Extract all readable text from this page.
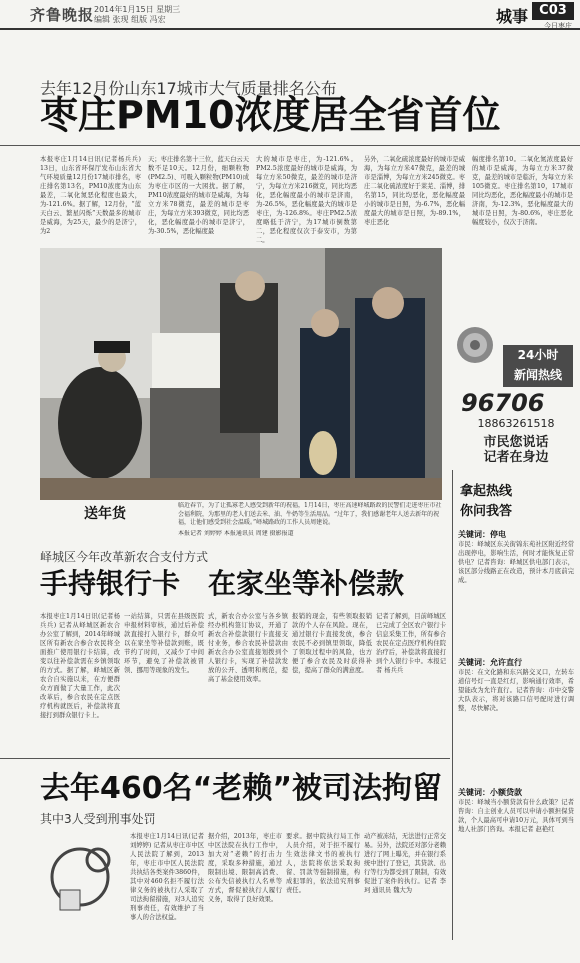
齐鲁晚报 2014年1月15日 星期三
编辑 张现 组版 冯宏	城事 C03
今日枣庄
去年12月份山东17城市大气质量排名公布
枣庄PM10浓度居全省首位
本报枣庄1月14日讯(记者杨兵兵) 13日，山东省环保厅发布山东省大气环境质量12月份17城市排名，枣庄排名第13名，PM10浓度为山东最差，二氧化氮恶化程度也最大，为-121.6%。据了解，12月份，“蓝天白云、繁星闪烁”天数最多的城市是威海，为25天，最少的是济宁，为2
天；枣庄排名第十三位，蓝天白云天数不足10天。12月份，细颗粒物(PM2.5)、可吸入颗粒物(PM10)成为枣庄市区的一大困扰。据了解，PM10浓度最好的城市是威海，为每立方米78微克，最差的城市是枣庄，为每立方米393微克，同比均恶化，恶化幅度最小的城市是济宁，为-30.5%，恶化幅度最
大的城市是枣庄，为-121.6%。PM2.5浓度最好的城市是威海，为每立方米50微克，最差的城市是济宁，为每立方米216微克，同比均恶化，恶化幅度最小的城市是济南，为-26.5%，恶化幅度最大的城市是枣庄，为-126.8%。枣庄PM2.5浓度略低于济宁，为17城市倒数第二，恶化程度仅次于泰安市，为第二。
另外，二氧化硫浓度最好的城市是威海，为每立方米47微克，最差的城市是淄博，为每立方米245微克。枣庄二氧化硫浓度好于莱芜、淄博，排名第15，同比均恶化，恶化幅度最小的城市是日照，为-6.7%，恶化幅度最大的城市是日照，为-89.1%，枣庄恶化
幅度排名第10。二氧化氮浓度最好的城市是威海，为每立方米37微克，最差的城市是临沂，为每立方米105微克。枣庄排名第10，17城市同比均恶化，恶化幅度最小的城市是济南，为-12.3%，恶化幅度最大的城市是日照，为-80.6%，枣庄恶化幅度较小，仅次于济南。
送年货
临近春节，为了让孤寡老人感受到新年的祝福，1月14日，枣庄高速峄城路政的民警们走进枣庄市社会福利院，为那里的老人们送去米、油、牛奶等生活用品。“过年了，我们感谢老年人送去新年的祝福，让他们感受到社会温暖。”峄城路政的工作人员周建说。
本报记者 刘婷婷 本报通讯员 周建 摄影报道
24小时
新闻热线
96706
18863261518
市民您说话
记者在身边
拿起热线
你问我答
关键词：停电
市民：峄城区东关街锦东苑社区附近经常出现停电，影响生活，何时才能恢复正常供电？记者咨询：峄城区供电部门表示，该区部分线路正在改造，预计本月底前完成。
关键词：允许直行
市民：在文化路和东兴路交叉口，左转车道信号灯一直是红灯，影响通行效率，希望能改为允许直行。记者咨询：市中交警大队表示，将对该路口信号配时进行调整，尽快解决。
关键词：小额贷款
市民：峄城当小额贷款有什么政策？记者咨询：自主创业人员可以申请小额担保贷款，个人最高可申请10万元，具体可到当地人社部门咨询。本报记者 赵艳红
峄城区今年改革新农合支付方式
手持银行卡　在家坐等补偿款
本报枣庄1月14日讯(记者杨兵兵) 记者从峄城区新农合办公室了解到，2014年峄城区所有新农合参合农民将全面推广使用银行卡结算，改变以往补偿款需在乡镇领取的方式。据了解，峄城区新农合自实施以来，在方便群众方面做了大量工作，此次改革后，参合农民在定点医疗机构就医后，补偿款将直接打到群众银行卡上。
一站结算，只需在县级医院申报材料审核，通过后补偿款直接打入银行卡，群众可以在家坐等补偿款到账，既节约了时间，又减少了中间环节，避免了补偿款被冒领、挪用等现象的发生。
式，新农合办公室与各乡镇经办机构签订协议，开通了新农合补偿款银行卡直接支付业务，参合农民补偿款由新农合办公室直接划拨到个人银行卡，实现了补偿款发放的公开、透明和规范，提高了基金使用效率。
报销的现金，有些领取报销款的个人存在风险。现在，通过银行卡直接发放，参合农民不必到镇里领取，降低了领取过程中的风险，也方便了参合农民及时获得补偿，提高了群众的满意度。
记者了解到，目前峄城区已完成了全区农户银行卡信息采集工作，所有参合农民在定点医疗机构住院治疗后，补偿款将直接打到个人银行卡中。本报记者 杨兵兵
去年460名“老赖”被司法拘留
其中3人受到刑事处罚
本报枣庄1月14日讯(记者 刘婷婷) 记者从枣庄市中区人民法院了解到，2013年，枣庄市中区人民法院共执结各类案件3860件，其中对460名拒不履行法律义务的被执行人采取了司法拘留措施，对3人追究刑事责任，有效维护了当事人的合法权益。
据介绍，2013年，枣庄市中区法院在执行工作中，加大对“老赖”的打击力度，采取多种措施，通过限制出境、限制高消费、公布失信被执行人名单等方式，督促被执行人履行义务，取得了良好效果。
要求。据中院执行局工作人员介绍，对于拒不履行生效法律文书的被执行人，法院将依法采取拘留、罚款等强制措施，构成犯罪的，依法追究刑事责任。
动产被冻结，无法进行正常交易。另外，法院还对部分老赖进行了网上曝光，并在银行系统中进行了登记，其贷款、出行等行为都受到了限制，有效促进了案件的执行。记者 李 珂 通讯员 魏大为
